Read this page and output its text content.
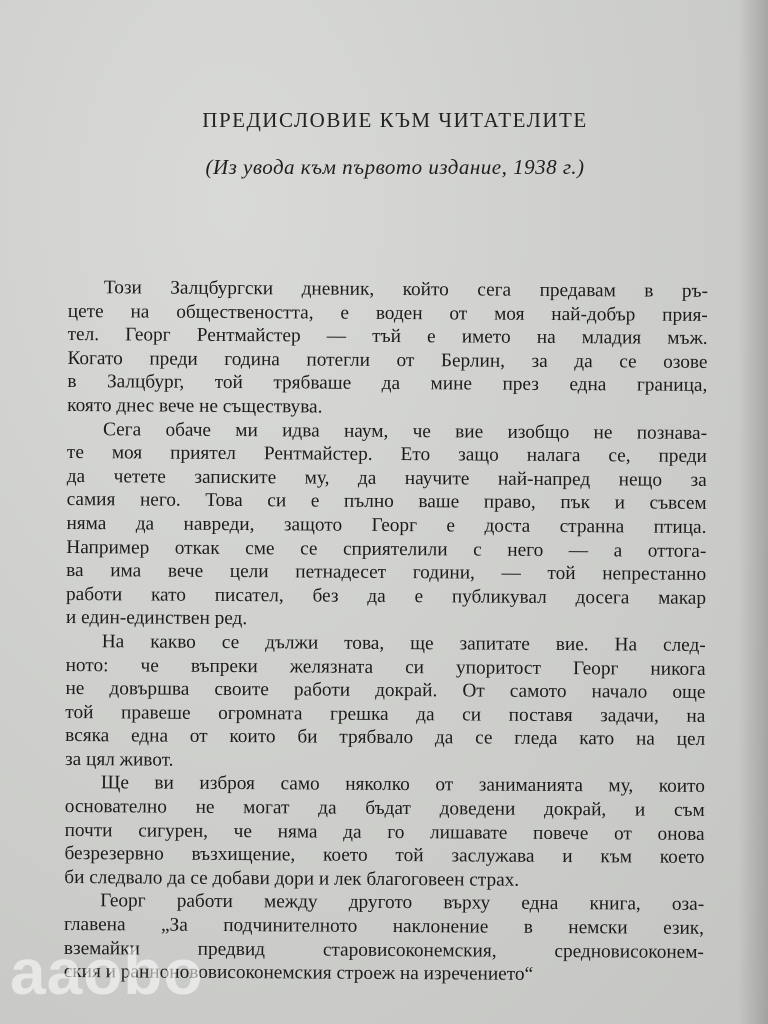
ПРЕДИСЛОВИЕ КЪМ ЧИТАТЕЛИТЕ
(Из увода към първото издание, 1938 г.)
Този Залцбургски дневник, който сега предавам в ръ-
цете на обществеността, е воден от моя най-добър прия-
тел. Георг Рентмайстер — тъй е името на младия мъж.
Когато преди година потегли от Берлин, за да се озове
в Залцбург, той трябваше да мине през една граница,
която днес вече не съществува.
Сега обаче ми идва наум, че вие изобщо не познава-
те моя приятел Рентмайстер. Ето защо налага се, преди
да четете записките му, да научите най-напред нещо за
самия него. Това си е пълно ваше право, пък и съвсем
няма да навреди, защото Георг е доста странна птица.
Например откак сме се сприятелили с него — а оттога-
ва има вече цели петнадесет години, — той непрестанно
работи като писател, без да е публикувал досега макар
и един-единствен ред.
На какво се дължи това, ще запитате вие. На след-
ното: че въпреки желязната си упоритост Георг никога
не довършва своите работи докрай. От самото начало още
той правеше огромната грешка да си поставя задачи, на
всяка една от които би трябвало да се гледа като на цел
за цял живот.
Ще ви изброя само няколко от заниманията му, които
основателно не могат да бъдат доведени докрай, и съм
почти сигурен, че няма да го лишавате повече от онова
безрезервно възхищение, което той заслужава и към което
би следвало да се добави дори и лек благоговеен страх.
Георг работи между другото върху една книга, оза-
главена „За подчинителното наклонение в немски език,
вземайки предвид старовисоконемския, средновисоконем-
ския и раннонововисоконемския строеж на изречението“
aaobo
